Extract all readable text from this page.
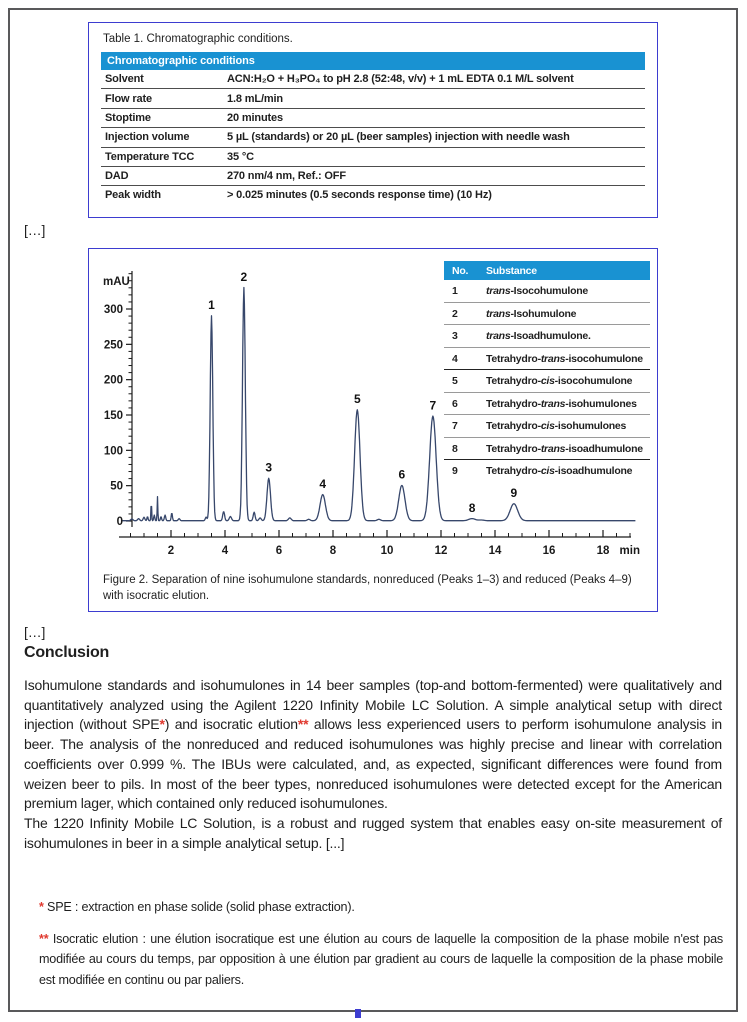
Table 1. Chromatographic conditions.
Chromatographic conditions	
Solvent	ACN:H₂O + H₃PO₄ to pH 2.8 (52:48, v/v) + 1 mL EDTA 0.1 M/L solvent
Flow rate	1.8 mL/min
Stoptime	20 minutes
Injection volume	5 µL (standards) or 20 µL (beer samples) injection with needle wash
Temperature TCC	35 °C
DAD	270 nm/4 nm, Ref.: OFF
Peak width	> 0.025 minutes (0.5 seconds response time) (10 Hz)
[...]
0
50
100
150
200
250
300
mAU
2	4	6	8	10	12	14	16	18 min
1
2
3
4
5
6
7
8
9
No.	Substance
1	trans-Isocohumulone
2	trans-Isohumulone
3	trans-Isoadhumulone.
4	Tetrahydro-trans-isocohumulone
5	Tetrahydro-cis-isocohumulone
6	Tetrahydro-trans-isohumulones
7	Tetrahydro-cis-isohumulones
8	Tetrahydro-trans-isoadhumulone
9	Tetrahydro-cis-isoadhumulone
Figure 2. Separation of nine isohumulone standards, nonreduced (Peaks 1–3) and reduced (Peaks 4–9) with isocratic elution.
[...]
Conclusion

Isohumulone standards and isohumulones in 14 beer samples (top-and bottom-fermented) were qualitatively and quantitatively analyzed using the Agilent 1220 Infinity Mobile LC Solution. A simple analytical setup with direct injection (without SPE*) and isocratic elution** allows less experienced users to perform isohumulone analysis in beer. The analysis of the nonreduced and reduced isohumulones was highly precise and linear with correlation coefficients over 0.999 %. The IBUs were calculated, and, as expected, significant differences were found from weizen beer to pils. In most of the beer types, nonreduced isohumulones were detected except for the American premium lager, which contained only reduced isohumulones.

The 1220 Infinity Mobile LC Solution, is a robust and rugged system that enables easy on-site measurement of isohumulones in beer in a simple analytical setup. [...]

* SPE : extraction en phase solide (solid phase extraction).

** Isocratic elution : une élution isocratique est une élution au cours de laquelle la composition de la phase mobile n'est pas modifiée au cours du temps, par opposition à une élution par gradient au cours de laquelle la composition de la phase mobile est modifiée en continu ou par paliers.
